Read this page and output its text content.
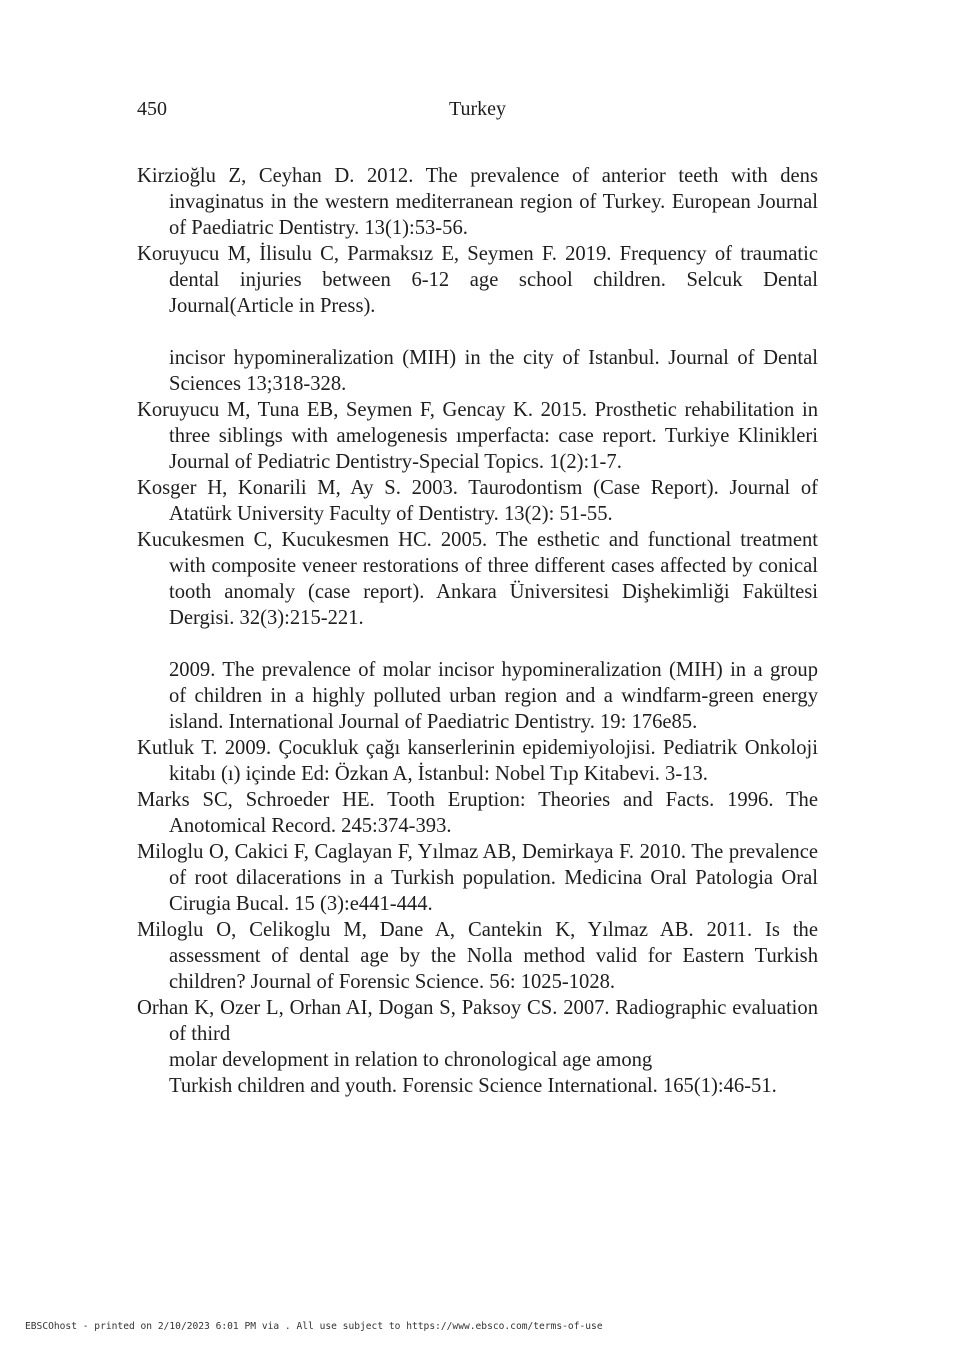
450	Turkey

Kirzioğlu Z, Ceyhan D. 2012. The prevalence of anterior teeth with dens invaginatus in the western mediterranean region of Turkey. European Journal of Paediatric Dentistry. 13(1):53-56.

Koruyucu M, İlisulu C, Parmaksız E, Seymen F. 2019. Frequency of traumatic dental injuries between 6-12 age school children. Selcuk Dental Journal(Article in Press).

incisor hypomineralization (MIH) in the city of Istanbul. Journal of Dental Sciences 13;318-328.

Koruyucu M, Tuna EB, Seymen F, Gencay K. 2015. Prosthetic rehabilitation in three siblings with amelogenesis ımperfacta: case report. Turkiye Klinikleri Journal of Pediatric Dentistry-Special Topics. 1(2):1-7.

Kosger H, Konarili M, Ay S. 2003. Taurodontism (Case Report). Journal of Atatürk University Faculty of Dentistry. 13(2): 51-55.

Kucukesmen C, Kucukesmen HC. 2005. The esthetic and functional treatment with composite veneer restorations of three different cases affected by conical tooth anomaly (case report). Ankara Üniversitesi Dişhekimliği Fakültesi Dergisi. 32(3):215-221.

2009. The prevalence of molar incisor hypomineralization (MIH) in a group of children in a highly polluted urban region and a windfarm-green energy island. International Journal of Paediatric Dentistry. 19: 176e85.

Kutluk T. 2009. Çocukluk çağı kanserlerinin epidemiyolojisi. Pediatrik Onkoloji kitabı (ı) içinde Ed: Özkan A, İstanbul: Nobel Tıp Kitabevi. 3-13.

Marks SC, Schroeder HE. Tooth Eruption: Theories and Facts. 1996. The Anotomical Record. 245:374-393.

Miloglu O, Cakici F, Caglayan F, Yılmaz AB, Demirkaya F. 2010. The prevalence of root dilacerations in a Turkish population. Medicina Oral Patologia Oral Cirugia Bucal. 15 (3):e441-444.

Miloglu O, Celikoglu M, Dane A, Cantekin K, Yılmaz AB. 2011. Is the assessment of dental age by the Nolla method valid for Eastern Turkish children? Journal of Forensic Science. 56: 1025-1028.

Orhan K, Ozer L, Orhan AI, Dogan S, Paksoy CS. 2007. Radiographic evaluation of third

molar development in relation to chronological age among

Turkish children and youth. Forensic Science International. 165(1):46-51.

EBSCOhost - printed on 2/10/2023 6:01 PM via . All use subject to https://www.ebsco.com/terms-of-use
